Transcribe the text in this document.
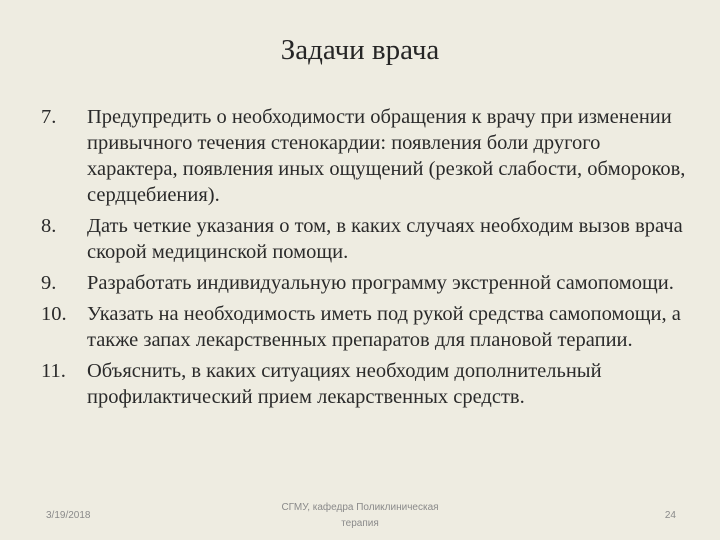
Задачи врача
7.	Предупредить о необходимости обращения к врачу при изменении привычного течения стенокардии: появления боли другого характера, появления иных ощущений (резкой слабости, обмороков, сердцебиения).
8.	Дать четкие указания о том, в каких случаях необходим вызов врача скорой медицинской помощи.
9.	Разработать индивидуальную программу экстренной самопомощи.
10. Указать на необходимость иметь под рукой средства самопомощи, а также запах лекарственных препаратов для плановой терапии.
11.	Объяснить, в каких ситуациях необходим дополнительный профилактический прием лекарственных средств.
3/19/2018
СГМУ, кафедра Поликлиническая
терапия
24
